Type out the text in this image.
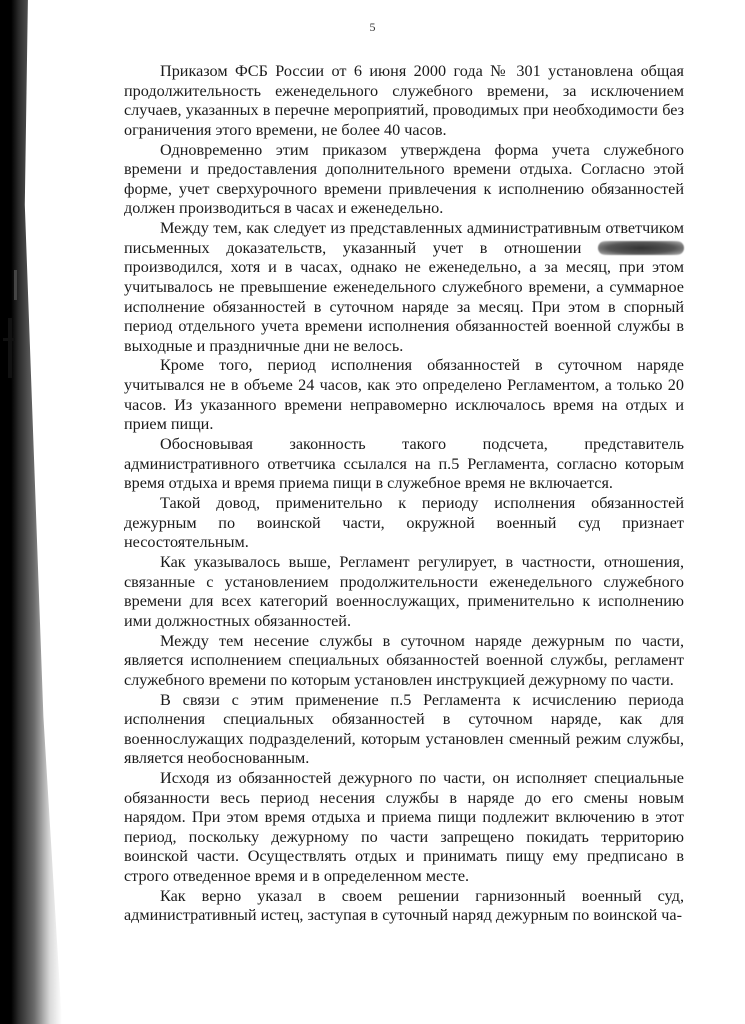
5

Приказом ФСБ России от 6 июня 2000 года № 301 установлена общая продолжительность еженедельного служебного времени, за исключением случаев, указанных в перечне мероприятий, проводимых при необходимости без ограничения этого времени, не более 40 часов.

Одновременно этим приказом утверждена форма учета служебного времени и предоставления дополнительного времени отдыха. Согласно этой форме, учет сверхурочного времени привлечения к исполнению обязанностей должен производиться в часах и еженедельно.

Между тем, как следует из представленных административным ответчиком письменных доказательств, указанный учет в отношении  производился, хотя и в часах, однако не еженедельно, а за месяц, при этом учитывалось не превышение еженедельного служебного времени, а суммарное исполнение обязанностей в суточном наряде за месяц. При этом в спорный период отдельного учета времени исполнения обязанностей военной службы в выходные и праздничные дни не велось.

Кроме того, период исполнения обязанностей в суточном наряде учитывался не в объеме 24 часов, как это определено Регламентом, а только 20 часов. Из указанного времени неправомерно исключалось время на отдых и прием пищи.

Обосновывая законность такого подсчета, представитель административного ответчика ссылался на п.5 Регламента, согласно которым время отдыха и время приема пищи в служебное время не включается.

Такой довод, применительно к периоду исполнения обязанностей дежурным по воинской части, окружной военный суд признает несостоятельным.

Как указывалось выше, Регламент регулирует, в частности, отношения, связанные с установлением продолжительности еженедельного служебного времени для всех категорий военнослужащих, применительно к исполнению ими должностных обязанностей.

Между тем несение службы в суточном наряде дежурным по части, является исполнением специальных обязанностей военной службы, регламент служебного времени по которым установлен инструкцией дежурному по части.

В связи с этим применение п.5 Регламента к исчислению периода исполнения специальных обязанностей в суточном наряде, как для военнослужащих подразделений, которым установлен сменный режим службы, является необоснованным.

Исходя из обязанностей дежурного по части, он исполняет специальные обязанности весь период несения службы в наряде до его смены новым нарядом. При этом время отдыха и приема пищи подлежит включению в этот период, поскольку дежурному по части запрещено покидать территорию воинской части. Осуществлять отдых и принимать пищу ему предписано в строго отведенное время и в определенном месте.

Как верно указал в своем решении гарнизонный военный суд, административный истец, заступая в суточный наряд дежурным по воинской ча-
